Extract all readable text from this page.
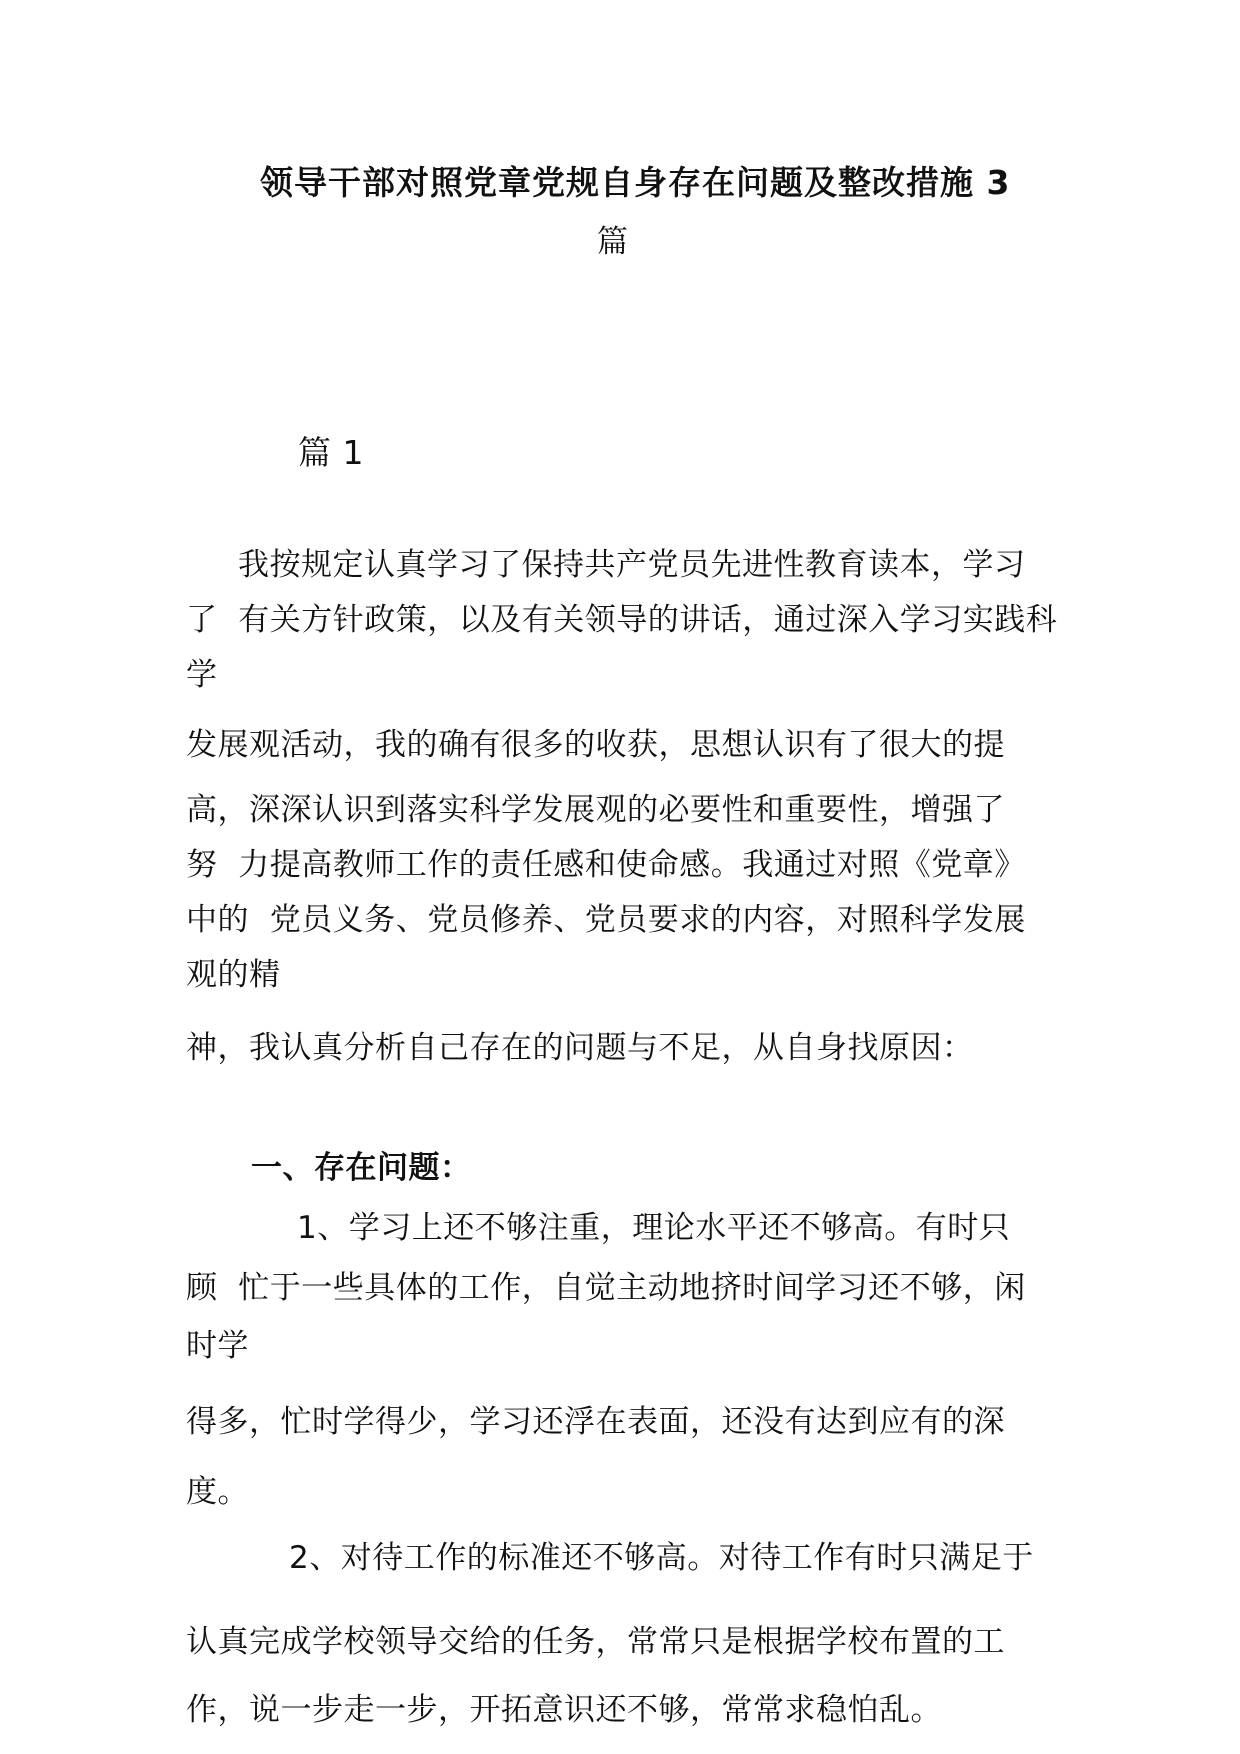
领导干部对照党章党规自身存在问题及整改措施 3
篇
篇 1
我按规定认真学习了保持共产党员先进性教育读本，学习
了  有关方针政策，以及有关领导的讲话，通过深入学习实践科
学
发展观活动，我的确有很多的收获，思想认识有了很大的提
高，深深认识到落实科学发展观的必要性和重要性，增强了
努  力提高教师工作的责任感和使命感。我通过对照《党章》
中的  党员义务、党员修养、党员要求的内容，对照科学发展
观的精
神，我认真分析自己存在的问题与不足，从自身找原因：
一、存在问题：
1、学习上还不够注重，理论水平还不够高。有时只
顾  忙于一些具体的工作，自觉主动地挤时间学习还不够，闲
时学
得多，忙时学得少，学习还浮在表面，还没有达到应有的深
度。
2、对待工作的标准还不够高。对待工作有时只满足于
认真完成学校领导交给的任务，常常只是根据学校布置的工
作，说一步走一步，开拓意识还不够，常常求稳怕乱。
